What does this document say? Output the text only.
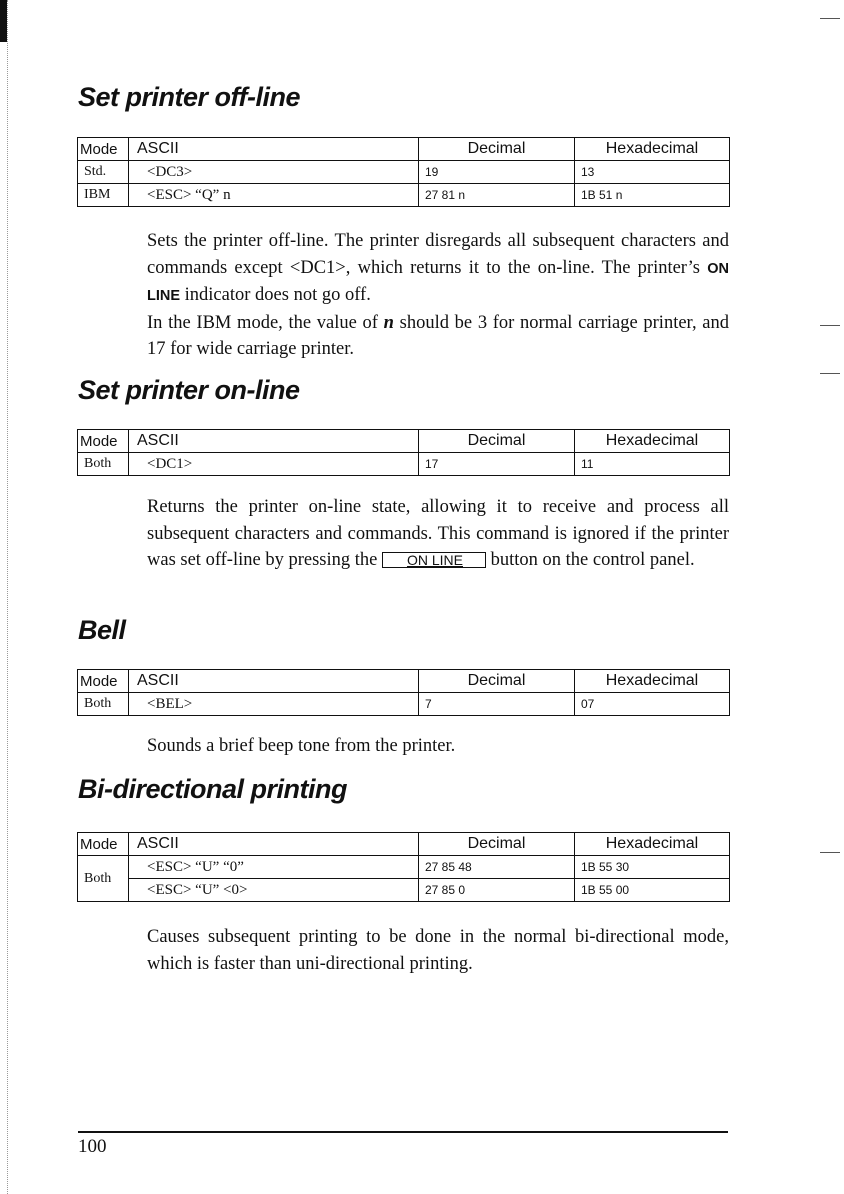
Set printer off-line
Mode	ASCII	Decimal	Hexadecimal
Std.	<DC3>	19	13
IBM	<ESC> “Q” n	27 81 n	1B 51 n

Sets the printer off-line. The printer disregards all subsequent characters and commands except <DC1>, which returns it to the on-line. The printer’s ON LINE indicator does not go off.
In the IBM mode, the value of n should be 3 for normal carriage printer, and 17 for wide carriage printer.

Set printer on-line
Mode	ASCII	Decimal	Hexadecimal
Both	<DC1>	17	11

Returns the printer on-line state, allowing it to receive and process all subsequent characters and commands. This command is ignored if the printer was set off-line by pressing the ON LINE button on the control panel.

Bell
Mode	ASCII	Decimal	Hexadecimal
Both	<BEL>	7	07

Sounds a brief beep tone from the printer.

Bi-directional printing
Mode	ASCII	Decimal	Hexadecimal
Both	<ESC> “U” “0”	27 85 48	1B 55 30
	<ESC> “U” <0>	27 85 0	1B 55 00

Causes subsequent printing to be done in the normal bi-directional mode, which is faster than uni-directional printing.

100
